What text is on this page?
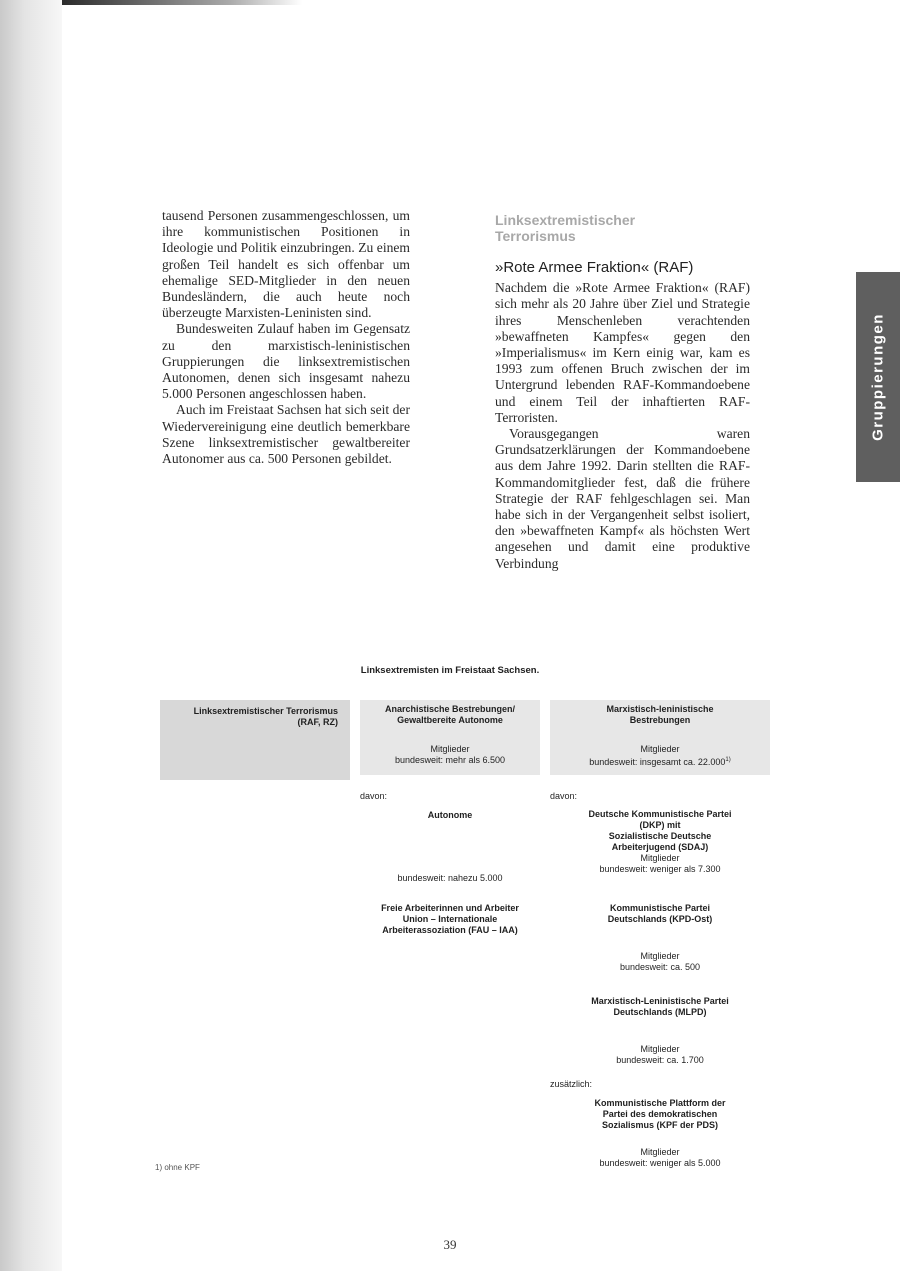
tausend Personen zusammengeschlossen, um ihre kommunistischen Positionen in Ideologie und Politik einzubringen. Zu einem großen Teil handelt es sich offenbar um ehemalige SED-Mitglieder in den neuen Bundesländern, die auch heute noch überzeugte Marxisten-Leninisten sind.

Bundesweiten Zulauf haben im Gegensatz zu den marxistisch-leninistischen Gruppierungen die linksextremistischen Autonomen, denen sich insgesamt nahezu 5.000 Personen angeschlossen haben.

Auch im Freistaat Sachsen hat sich seit der Wiedervereinigung eine deutlich bemerkbare Szene linksextremistischer gewaltbereiter Autonomer aus ca. 500 Personen gebildet.

Linksextremistischer
Terrorismus
»Rote Armee Fraktion« (RAF)

Nachdem die »Rote Armee Fraktion« (RAF) sich mehr als 20 Jahre über Ziel und Strategie ihres Menschenleben verachtenden »bewaffneten Kampfes« gegen den »Imperialismus« im Kern einig war, kam es 1993 zum offenen Bruch zwischen der im Untergrund lebenden RAF-Kommandoebene und einem Teil der inhaftierten RAF-Terroristen.

Vorausgegangen waren Grundsatzerklärungen der Kommandoebene aus dem Jahre 1992. Darin stellten die RAF-Kommandomitglieder fest, daß die frühere Strategie der RAF fehlgeschlagen sei. Man habe sich in der Vergangenheit selbst isoliert, den »bewaffneten Kampf« als höchsten Wert angesehen und damit eine produktive Verbindung

Gruppierungen
Linksextremisten im Freistaat Sachsen.
Linksextremistischer Terrorismus
(RAF, RZ)
Anarchistische Bestrebungen/
Gewaltbereite Autonome
Mitglieder
bundesweit: mehr als 6.500
Marxistisch-leninistische
Bestrebungen
Mitglieder
bundesweit: insgesamt ca. 22.000$^{1)}$
davon:
Autonome
bundesweit: nahezu 5.000
Freie Arbeiterinnen und Arbeiter
Union – Internationale
Arbeiterassoziation (FAU – IAA)
davon:
Deutsche Kommunistische Partei
(DKP) mit
Sozialistische Deutsche
Arbeiterjugend (SDAJ)
Mitglieder
bundesweit: weniger als 7.300
Kommunistische Partei
Deutschlands (KPD-Ost)
Mitglieder
bundesweit: ca. 500
Marxistisch-Leninistische Partei
Deutschlands (MLPD)
Mitglieder
bundesweit: ca. 1.700
zusätzlich:
Kommunistische Plattform der
Partei des demokratischen
Sozialismus (KPF der PDS)
Mitglieder
bundesweit: weniger als 5.000
1) ohne KPF
39
